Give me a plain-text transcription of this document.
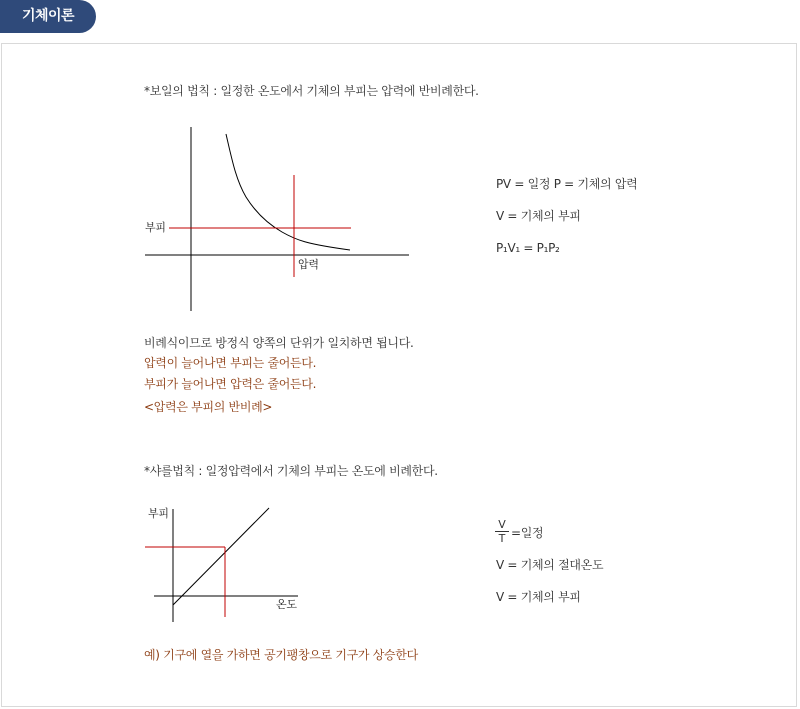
기체이론
*보일의 법칙 : 일정한 온도에서 기체의 부피는 압력에 반비례한다.
부피
압력
PV = 일정 P = 기체의 압력
V = 기체의 부피
P₁V₁ = P₁P₂
비례식이므로 방정식 양쪽의 단위가 일치하면 됩니다.
압력이 늘어나면 부피는 줄어든다.
부피가 늘어나면 압력은 줄어든다.
<압력은 부피의 반비례>
*샤를법칙 : 일정압력에서 기체의 부피는 온도에 비례한다.
부피
온도
V
T =일정
V = 기체의 절대온도
V = 기체의 부피
예) 기구에 열을 가하면 공기팽창으로 기구가 상승한다
